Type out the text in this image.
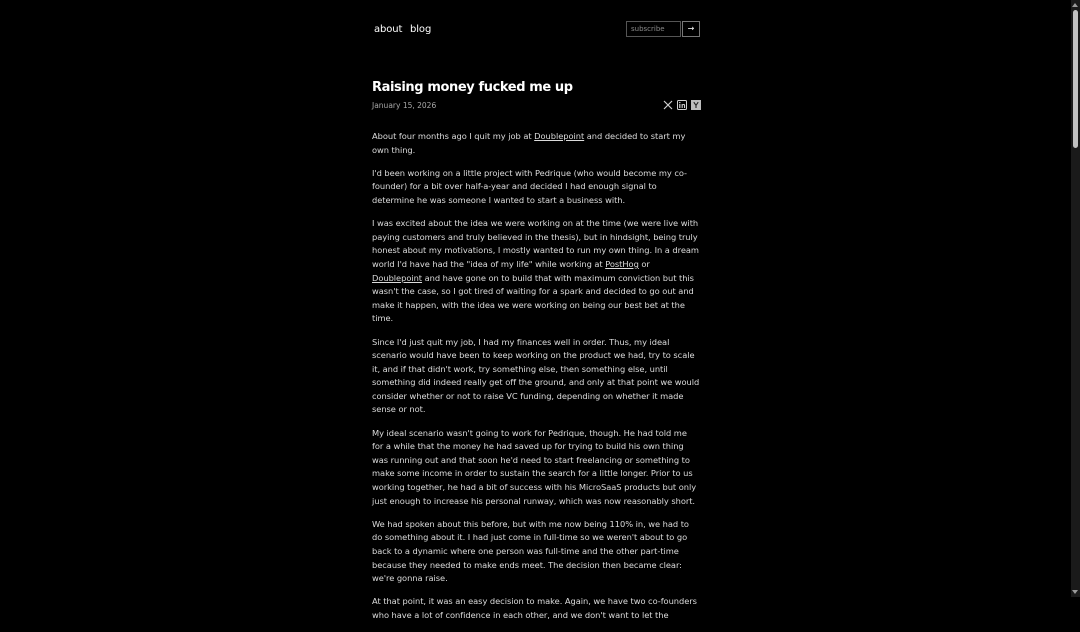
about blog
subscribe	→
Raising money fucked me up
January 15, 2026

About four months ago I quit my job at Doublepoint and decided to start my own thing.

I'd been working on a little project with Pedrique (who would become my co-founder) for a bit over half-a-year and decided I had enough signal to determine he was someone I wanted to start a business with.

I was excited about the idea we were working on at the time (we were live with paying customers and truly believed in the thesis), but in hindsight, being truly honest about my motivations, I mostly wanted to run my own thing. In a dream world I'd have had the "idea of my life" while working at PostHog or Doublepoint and have gone on to build that with maximum conviction but this wasn't the case, so I got tired of waiting for a spark and decided to go out and make it happen, with the idea we were working on being our best bet at the time.

Since I'd just quit my job, I had my finances well in order. Thus, my ideal scenario would have been to keep working on the product we had, try to scale it, and if that didn't work, try something else, then something else, until something did indeed really get off the ground, and only at that point we would consider whether or not to raise VC funding, depending on whether it made sense or not.

My ideal scenario wasn't going to work for Pedrique, though. He had told me for a while that the money he had saved up for trying to build his own thing was running out and that soon he'd need to start freelancing or something to make some income in order to sustain the search for a little longer. Prior to us working together, he had a bit of success with his MicroSaaS products but only just enough to increase his personal runway, which was now reasonably short.

We had spoken about this before, but with me now being 110% in, we had to do something about it. I had just come in full-time so we weren't about to go back to a dynamic where one person was full-time and the other part-time because they needed to make ends meet. The decision then became clear: we're gonna raise.

At that point, it was an easy decision to make. Again, we have two co-founders who have a lot of confidence in each other, and we don't want to let the
